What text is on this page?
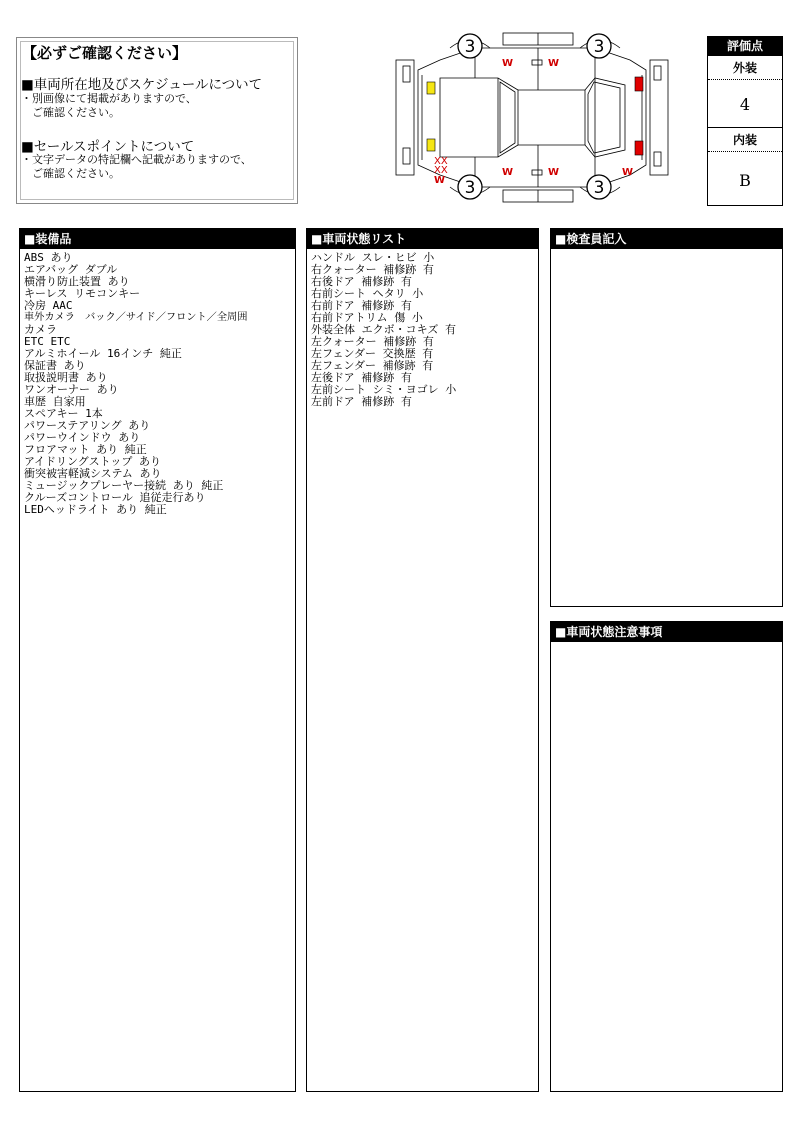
【必ずご確認ください】
■車両所在地及びスケジュールについて
・別画像にて掲載がありますので、
　ご確認ください。
■セールスポイントについて
・文字データの特記欄へ記載がありますので、
　ご確認ください。
3	3
3	3
W	W
W	W
W
W
XX
XX
評価点
外装
4
内装
B
■装備品
ABS あり
エアバッグ ダブル
横滑り防止装置 あり
キーレス リモコンキー
冷房 AAC
車外カメラ　バック／サイド／フロント／全周囲
カメラ
ETC ETC
アルミホイール 16インチ 純正
保証書 あり
取扱説明書 あり
ワンオーナー あり
車歴 自家用
スペアキー 1本
パワーステアリング あり
パワーウインドウ あり
フロアマット あり 純正
アイドリングストップ あり
衝突被害軽減システム あり
ミュージックプレーヤー接続 あり 純正
クルーズコントロール 追従走行あり
LEDヘッドライト あり 純正
■車両状態リスト
ハンドル スレ・ヒビ 小
右クォーター 補修跡 有
右後ドア 補修跡 有
右前シート ヘタリ 小
右前ドア 補修跡 有
右前ドアトリム 傷 小
外装全体 エクボ・コキズ 有
左クォーター 補修跡 有
左フェンダー 交換歴 有
左フェンダー 補修跡 有
左後ドア 補修跡 有
左前シート シミ・ヨゴレ 小
左前ドア 補修跡 有
■検査員記入
■車両状態注意事項
